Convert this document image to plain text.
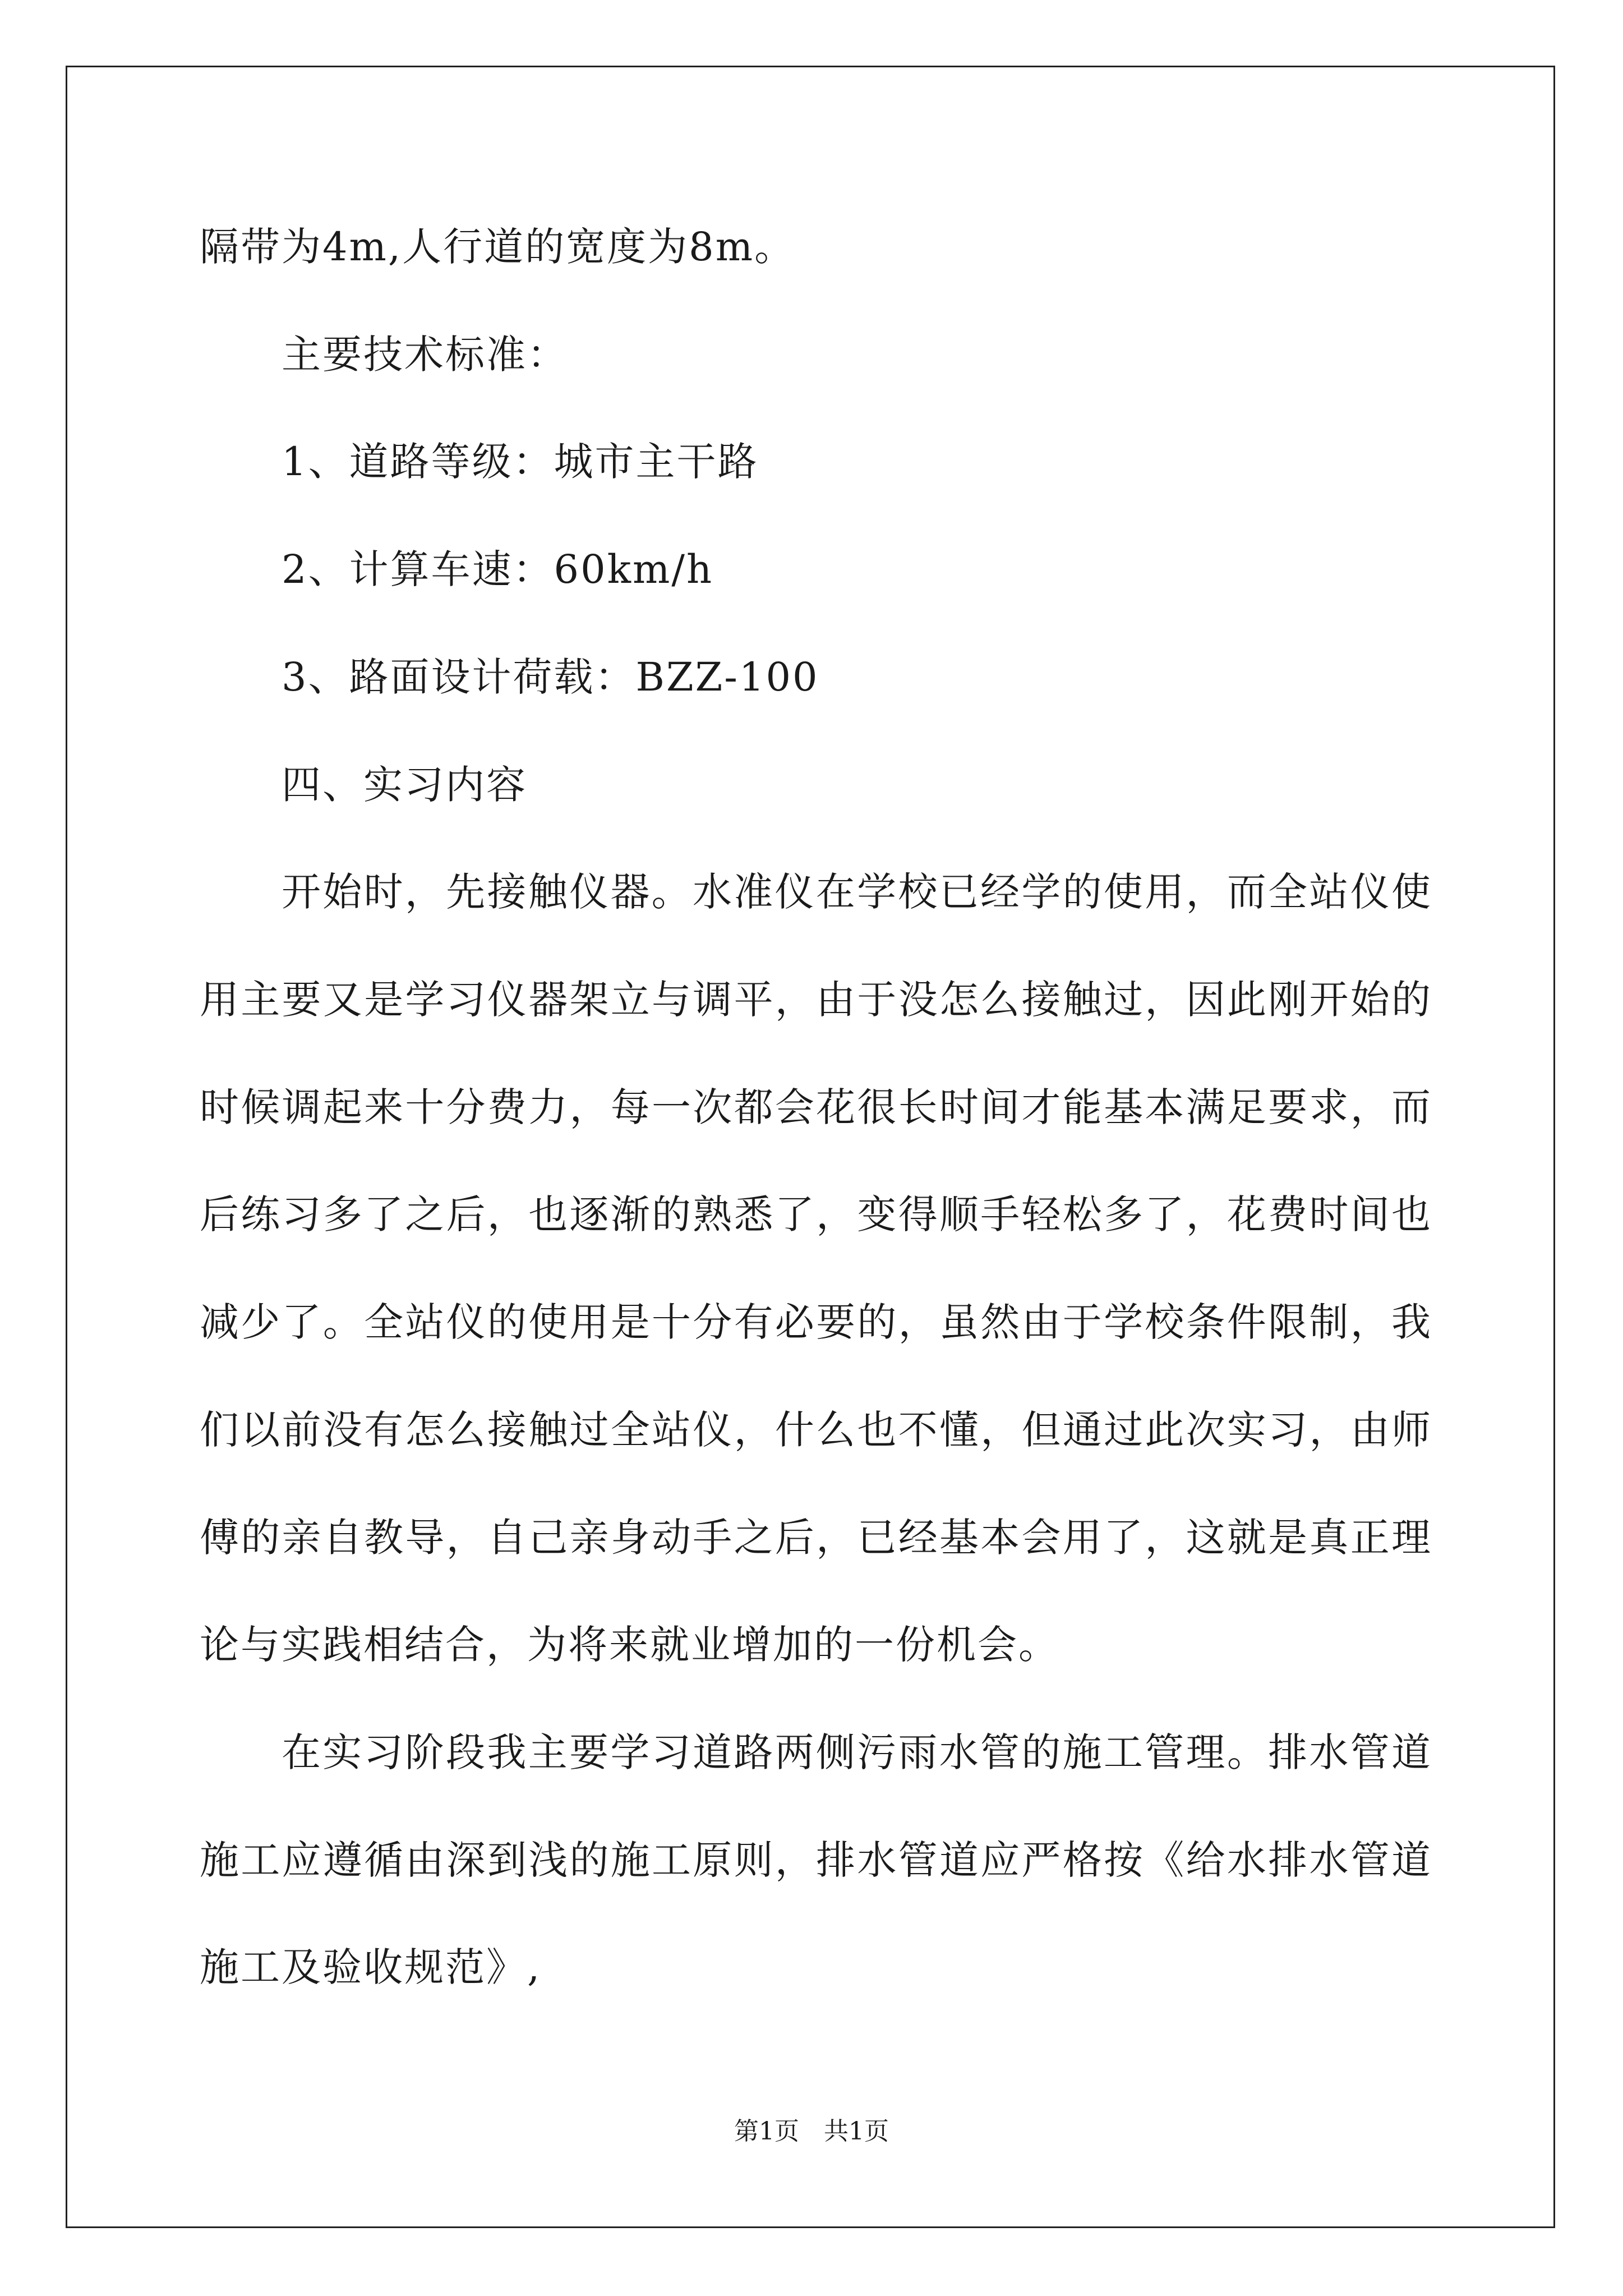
隔带为4m,人行道的宽度为8m。
主要技术标准：
1、道路等级：城市主干路
2、计算车速：60km/h
3、路面设计荷载：BZZ-100
四、实习内容
开始时，先接触仪器。水准仪在学校已经学的使用，而全站仪使
用主要又是学习仪器架立与调平，由于没怎么接触过，因此刚开始的
时候调起来十分费力，每一次都会花很长时间才能基本满足要求，而
后练习多了之后，也逐渐的熟悉了，变得顺手轻松多了，花费时间也
减少了。全站仪的使用是十分有必要的，虽然由于学校条件限制，我
们以前没有怎么接触过全站仪，什么也不懂，但通过此次实习，由师
傅的亲自教导，自己亲身动手之后，已经基本会用了，这就是真正理
论与实践相结合，为将来就业增加的一份机会。
在实习阶段我主要学习道路两侧污雨水管的施工管理。排水管道
施工应遵循由深到浅的施工原则，排水管道应严格按《给水排水管道
施工及验收规范》,
第1页　共1页
